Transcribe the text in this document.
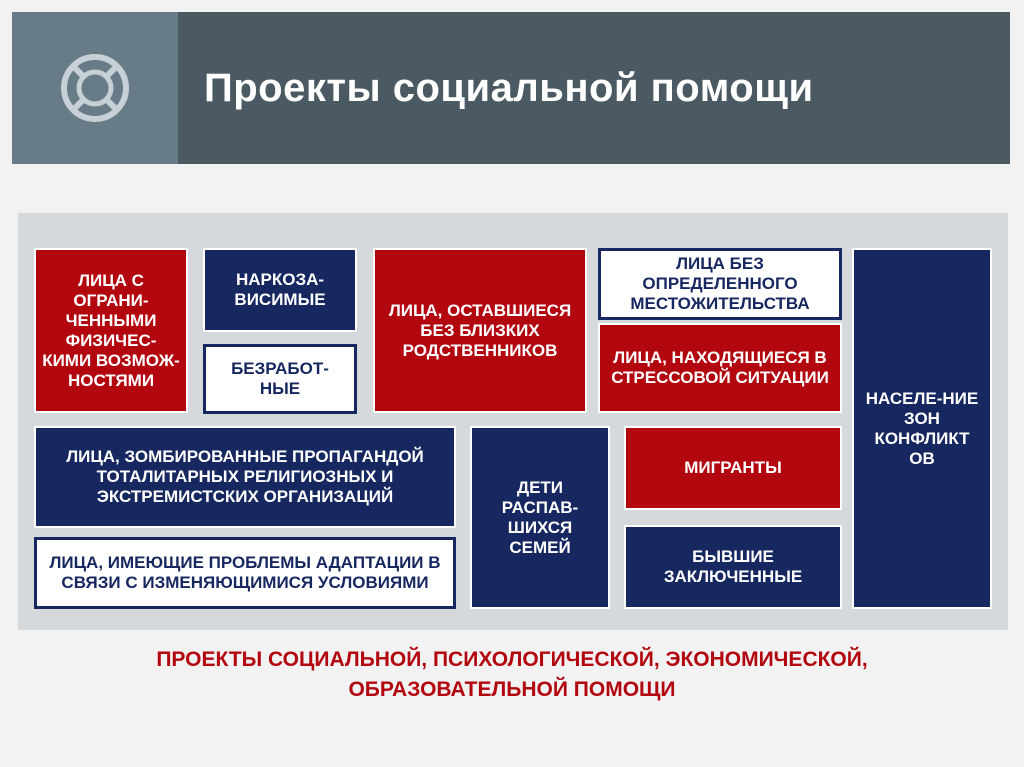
Проекты социальной помощи
ЛИЦА С ОГРАНИ-ЧЕННЫМИ ФИЗИЧЕС-КИМИ ВОЗМОЖ-НОСТЯМИ
НАРКОЗА-ВИСИМЫЕ
БЕЗРАБОТ-НЫЕ
ЛИЦА, ОСТАВШИЕСЯ БЕЗ БЛИЗКИХ РОДСТВЕННИКОВ
ЛИЦА БЕЗ ОПРЕДЕЛЕННОГО МЕСТОЖИТЕЛЬСТВА
ЛИЦА, НАХОДЯЩИЕСЯ В СТРЕССОВОЙ СИТУАЦИИ
НАСЕЛЕ-НИЕ ЗОН КОНФЛИКТ ОВ
ЛИЦА, ЗОМБИРОВАННЫЕ ПРОПАГАНДОЙ ТОТАЛИТАРНЫХ РЕЛИГИОЗНЫХ И ЭКСТРЕМИСТСКИХ ОРГАНИЗАЦИЙ
ЛИЦА, ИМЕЮЩИЕ ПРОБЛЕМЫ АДАПТАЦИИ В СВЯЗИ С ИЗМЕНЯЮЩИМИСЯ УСЛОВИЯМИ
ДЕТИ РАСПАВ-ШИХСЯ СЕМЕЙ
МИГРАНТЫ
БЫВШИЕ ЗАКЛЮЧЕННЫЕ
ПРОЕКТЫ СОЦИАЛЬНОЙ, ПСИХОЛОГИЧЕСКОЙ, ЭКОНОМИЧЕСКОЙ,
ОБРАЗОВАТЕЛЬНОЙ ПОМОЩИ
